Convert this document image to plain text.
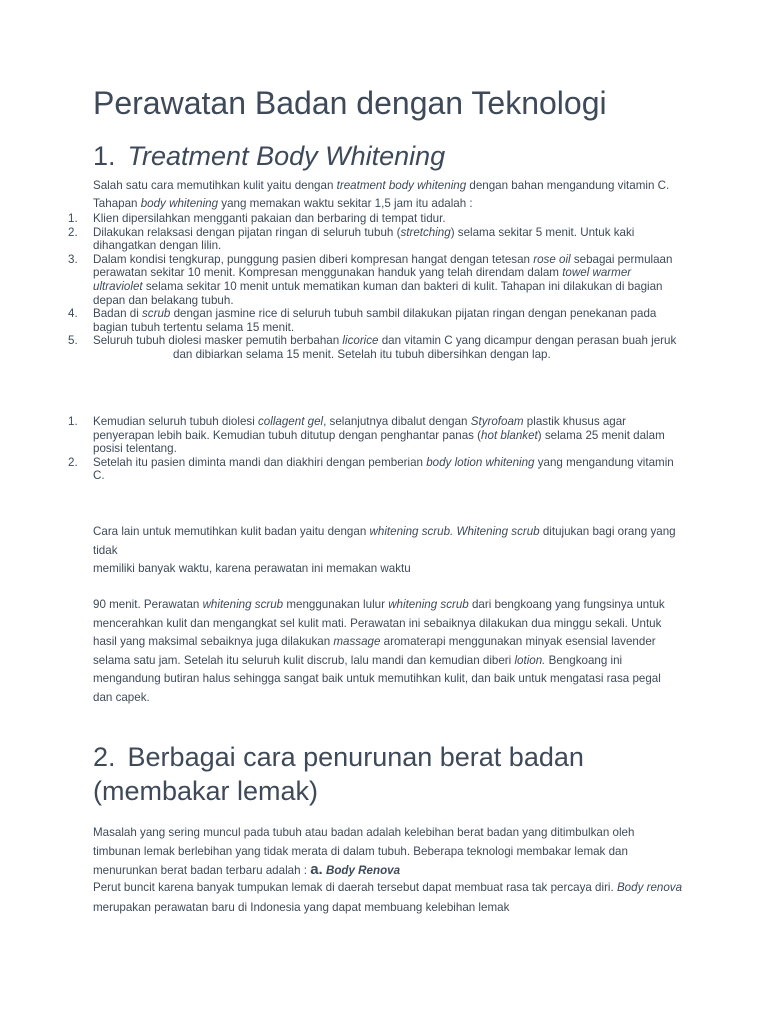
Perawatan Badan dengan Teknologi
1. Treatment Body Whitening
Salah satu cara memutihkan kulit yaitu dengan treatment body whitening dengan bahan mengandung vitamin C. Tahapan body whitening yang memakan waktu sekitar 1,5 jam itu adalah :
1. Klien dipersilahkan mengganti pakaian dan berbaring di tempat tidur.
2. Dilakukan relaksasi dengan pijatan ringan di seluruh tubuh (stretching) selama sekitar 5 menit. Untuk kaki dihangatkan dengan lilin.
3. Dalam kondisi tengkurap, punggung pasien diberi kompresan hangat dengan tetesan rose oil sebagai permulaan perawatan sekitar 10 menit. Kompresan menggunakan handuk yang telah direndam dalam towel warmer ultraviolet selama sekitar 10 menit untuk mematikan kuman dan bakteri di kulit. Tahapan ini dilakukan di bagian depan dan belakang tubuh.
4. Badan di scrub dengan jasmine rice di seluruh tubuh sambil dilakukan pijatan ringan dengan penekanan pada bagian tubuh tertentu selama 15 menit.
5. Seluruh tubuh diolesi masker pemutih berbahan licorice dan vitamin C yang dicampur dengan perasan buah jerukdan dibiarkan selama 15 menit. Setelah itu tubuh dibersihkan dengan lap.
1. Kemudian seluruh tubuh diolesi collagent gel, selanjutnya dibalut dengan Styrofoam plastik khusus agar penyerapan lebih baik. Kemudian tubuh ditutup dengan penghantar panas (hot blanket) selama 25 menit dalam posisi telentang.
2. Setelah itu pasien diminta mandi dan diakhiri dengan pemberian body lotion whitening yang mengandung vitamin C.
Cara lain untuk memutihkan kulit badan yaitu dengan whitening scrub. Whitening scrub ditujukan bagi orang yang tidak
memiliki banyak waktu, karena perawatan ini memakan waktu
90 menit. Perawatan whitening scrub menggunakan lulur whitening scrub dari bengkoang yang fungsinya untuk mencerahkan kulit dan mengangkat sel kulit mati. Perawatan ini sebaiknya dilakukan dua minggu sekali. Untuk hasil yang maksimal sebaiknya juga dilakukan massage aromaterapi menggunakan minyak esensial lavender selama satu jam. Setelah itu seluruh kulit discrub, lalu mandi dan kemudian diberi lotion. Bengkoang ini mengandung butiran halus sehingga sangat baik untuk memutihkan kulit, dan baik untuk mengatasi rasa pegal dan capek.
2. Berbagai cara penurunan berat badan (membakar lemak)
Masalah yang sering muncul pada tubuh atau badan adalah kelebihan berat badan yang ditimbulkan oleh timbunan lemak berlebihan yang tidak merata di dalam tubuh. Beberapa teknologi membakar lemak dan menurunkan berat badan terbaru adalah : a. Body Renova
Perut buncit karena banyak tumpukan lemak di daerah tersebut dapat membuat rasa tak percaya diri. Body renova merupakan perawatan baru di Indonesia yang dapat membuang kelebihan lemak
